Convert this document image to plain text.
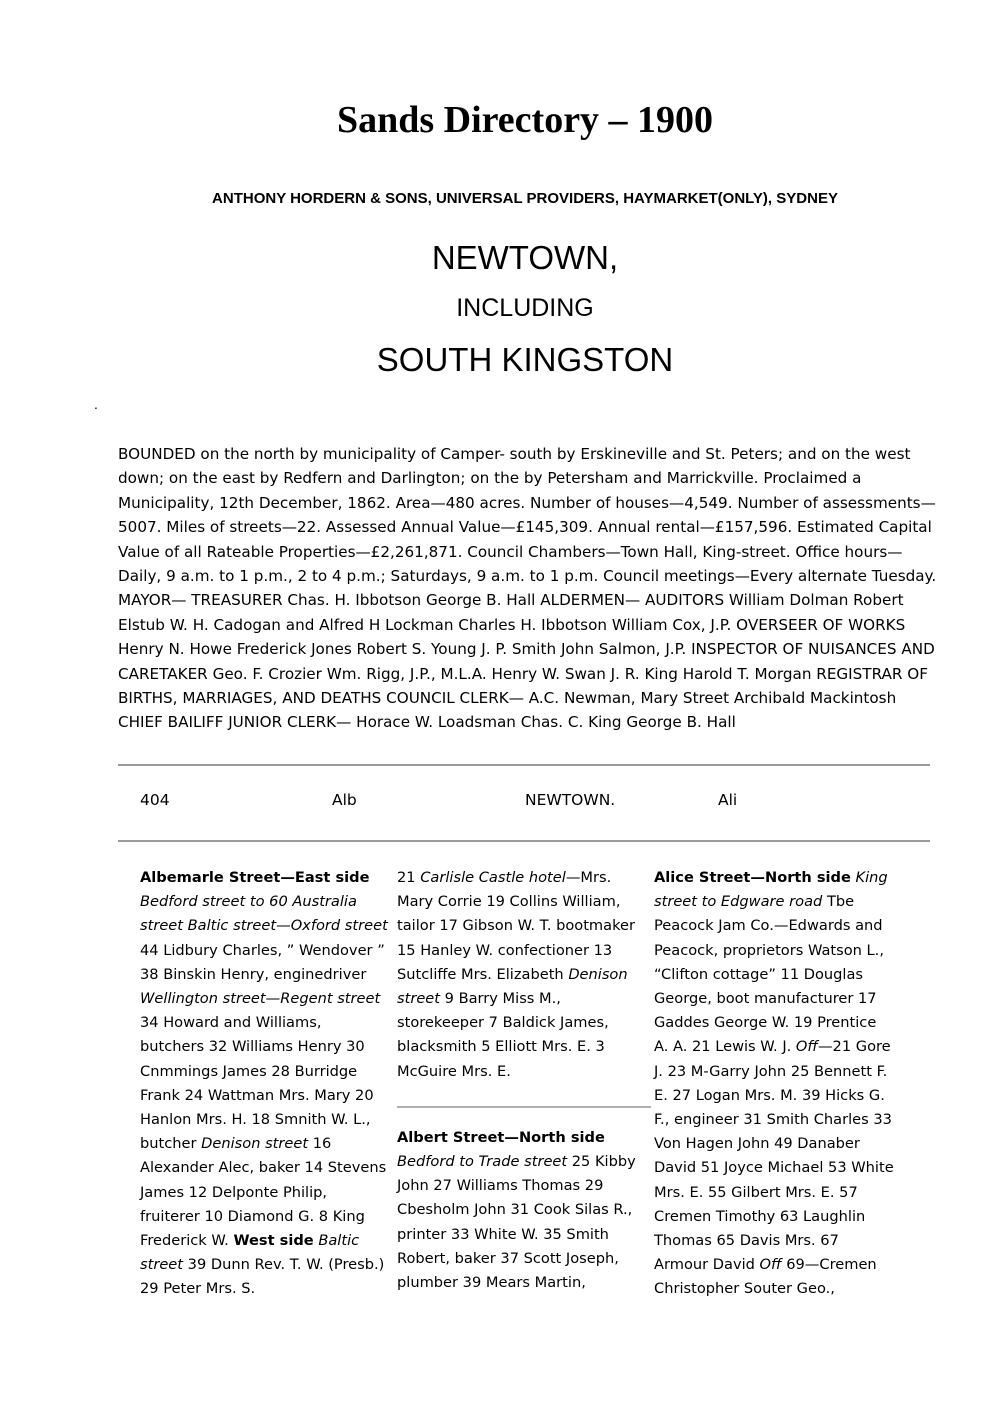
Sands Directory – 1900
ANTHONY HORDERN & SONS, UNIVERSAL PROVIDERS, HAYMARKET(ONLY), SYDNEY
NEWTOWN,
INCLUDING
SOUTH KINGSTON
.

BOUNDED on the north by municipality of Camper- south by Erskineville and St. Peters; and on the west down; on the east by Redfern and Darlington; on the by Petersham and Marrickville. Proclaimed a Municipality, 12th December, 1862. Area—480 acres. Number of houses—4,549. Number of assessments—5007. Miles of streets—22. Assessed Annual Value—£145,309. Annual rental—£157,596. Estimated Capital Value of all Rateable Properties—£2,261,871. Council Chambers—Town Hall, King-street. Office hours—Daily, 9 a.m. to 1 p.m., 2 to 4 p.m.; Saturdays, 9 a.m. to 1 p.m. Council meetings—Every alternate Tuesday. MAYOR— TREASURER Chas. H. Ibbotson George B. Hall ALDERMEN— AUDITORS William Dolman Robert Elstub W. H. Cadogan and Alfred H Lockman Charles H. Ibbotson William Cox, J.P. OVERSEER OF WORKS Henry N. Howe Frederick Jones Robert S. Young J. P. Smith John Salmon, J.P. INSPECTOR OF NUISANCES AND CARETAKER Geo. F. Crozier Wm. Rigg, J.P., M.L.A. Henry W. Swan J. R. King Harold T. Morgan REGISTRAR OF BIRTHS, MARRIAGES, AND DEATHS COUNCIL CLERK— A.C. Newman, Mary Street Archibald Mackintosh CHIEF BAILIFF JUNIOR CLERK— Horace W. Loadsman Chas. C. King George B. Hall

404	Alb	NEWTOWN.	Ali

Albemarle Street—East side Bedford street to 60 Australia street Baltic street—Oxford street 44 Lidbury Charles, ” Wendover ” 38 Binskin Henry, enginedriver Wellington street—Regent street 34 Howard and Williams, butchers 32 Williams Henry 30 Cnmmings James 28 Burridge Frank 24 Wattman Mrs. Mary 20 Hanlon Mrs. H. 18 Smnith W. L., butcher Denison street 16 Alexander Alec, baker 14 Stevens James 12 Delponte Philip, fruiterer 10 Diamond G. 8 King Frederick W. West side Baltic street 39 Dunn Rev. T. W. (Presb.) 29 Peter Mrs. S.

21 Carlisle Castle hotel—Mrs. Mary Corrie 19 Collins William, tailor 17 Gibson W. T. bootmaker 15 Hanley W. confectioner 13 Sutcliffe Mrs. Elizabeth Denison street 9 Barry Miss M., storekeeper 7 Baldick James, blacksmith 5 Elliott Mrs. E. 3 McGuire Mrs. E.

Albert Street—North side Bedford to Trade street 25 Kibby John 27 Williams Thomas 29 Cbesholm John 31 Cook Silas R., printer 33 White W. 35 Smith Robert, baker 37 Scott Joseph, plumber 39 Mears Martin,

Alice Street—North side King street to Edgware road Tbe Peacock Jam Co.—Edwards and Peacock, proprietors Watson L., “Clifton cottage” 11 Douglas George, boot manufacturer 17 Gaddes George W. 19 Prentice A. A. 21 Lewis W. J. Off—21 Gore J. 23 M-Garry John 25 Bennett F. E. 27 Logan Mrs. M. 39 Hicks G. F., engineer 31 Smith Charles 33 Von Hagen John 49 Danaber David 51 Joyce Michael 53 White Mrs. E. 55 Gilbert Mrs. E. 57 Cremen Timothy 63 Laughlin Thomas 65 Davis Mrs. 67 Armour David Off 69—Cremen Christopher Souter Geo.,
